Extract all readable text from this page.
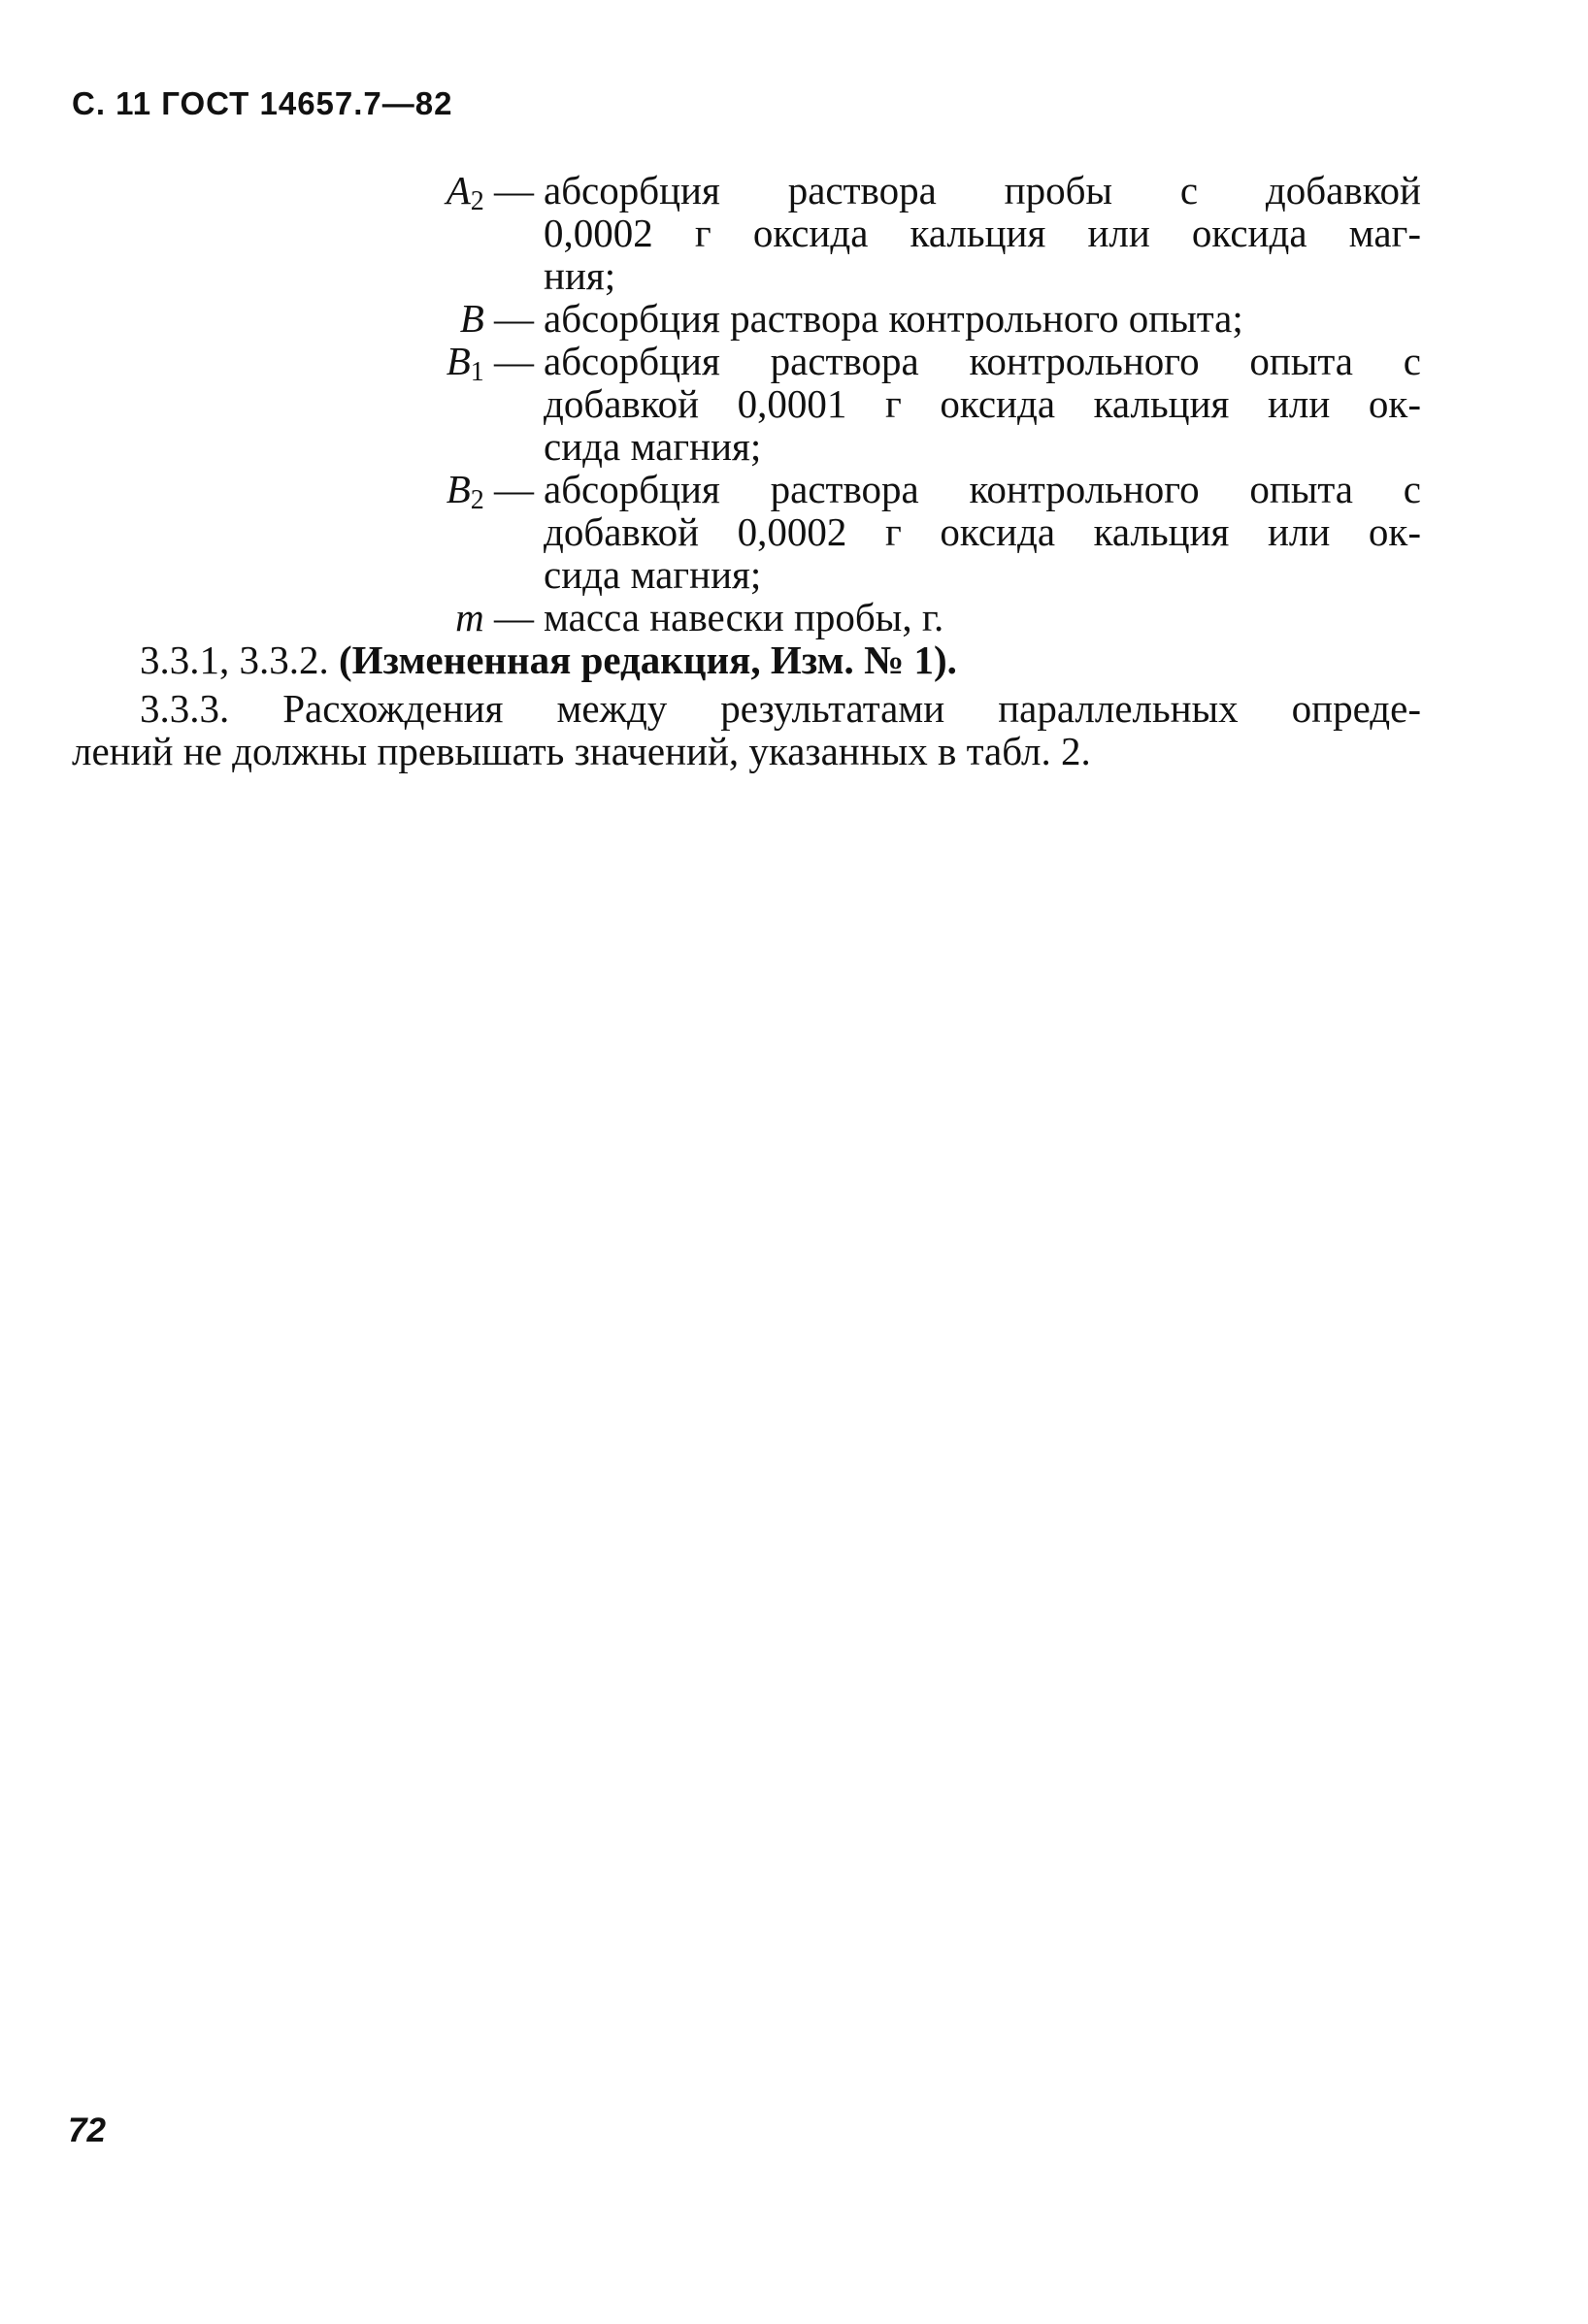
С. 11 ГОСТ 14657.7—82
$A_2$ — абсорбция раствора пробы с добавкой
0,0002 г оксида кальция или оксида маг-
ния;
B — абсорбция раствора контрольного опыта;
$B_1$ — абсорбция раствора контрольного опыта с
добавкой 0,0001 г оксида кальция или ок-
сида магния;
$B_2$ — абсорбция раствора контрольного опыта с
добавкой 0,0002 г оксида кальция или ок-
сида магния;
m — масса навески пробы, г.
3.3.1, 3.3.2. (Измененная редакция, Изм. № 1).
3.3.3. Расхождения между результатами параллельных опреде-
лений не должны превышать значений, указанных в табл. 2.
72
